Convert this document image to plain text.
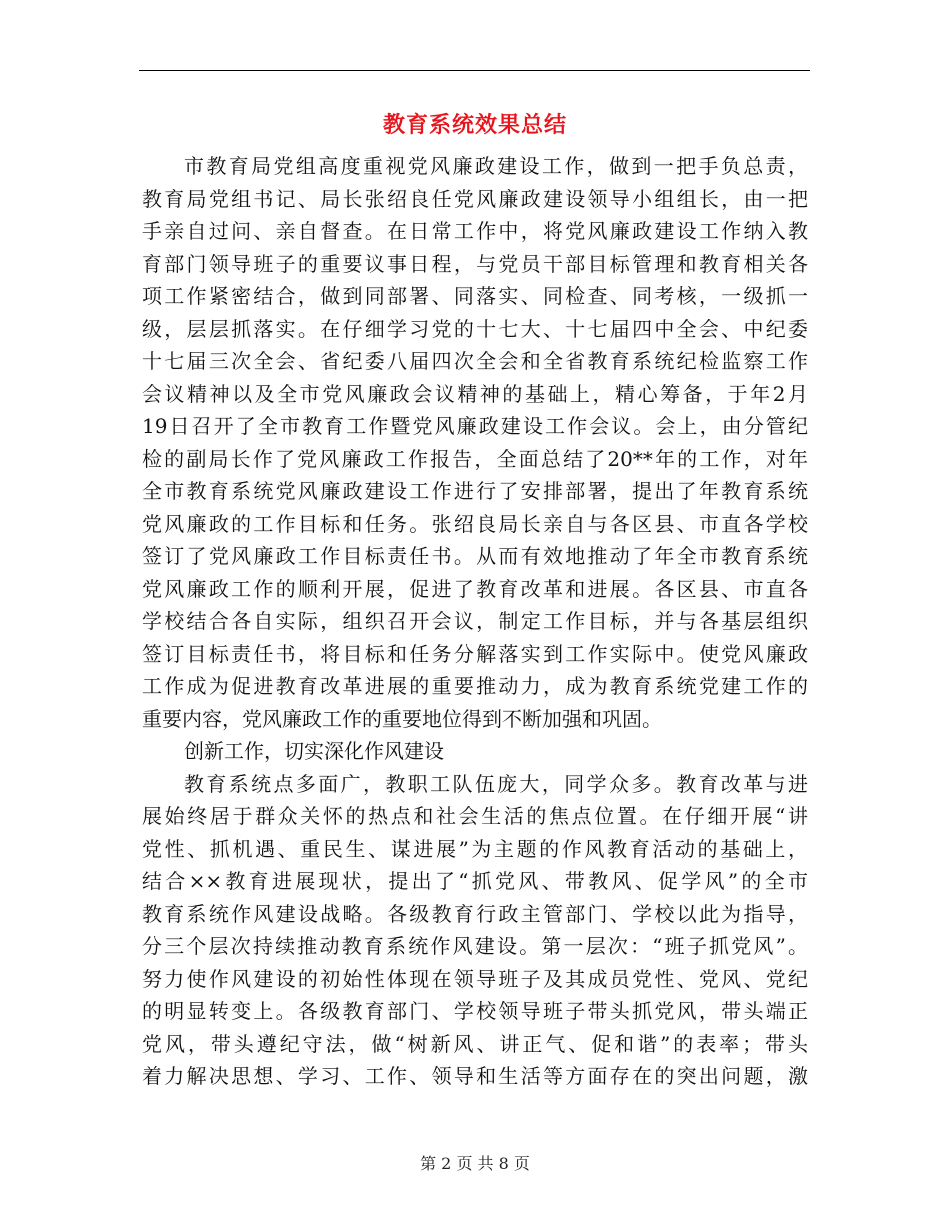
教育系统效果总结
市教育局党组高度重视党风廉政建设工作，做到一把手负总责，
教育局党组书记、局长张绍良任党风廉政建设领导小组组长，由一把
手亲自过问、亲自督查。在日常工作中，将党风廉政建设工作纳入教
育部门领导班子的重要议事日程，与党员干部目标管理和教育相关各
项工作紧密结合，做到同部署、同落实、同检查、同考核，一级抓一
级，层层抓落实。在仔细学习党的十七大、十七届四中全会、中纪委
十七届三次全会、省纪委八届四次全会和全省教育系统纪检监察工作
会议精神以及全市党风廉政会议精神的基础上，精心筹备，于年2月
19日召开了全市教育工作暨党风廉政建设工作会议。会上，由分管纪
检的副局长作了党风廉政工作报告，全面总结了20**年的工作，对年
全市教育系统党风廉政建设工作进行了安排部署，提出了年教育系统
党风廉政的工作目标和任务。张绍良局长亲自与各区县、市直各学校
签订了党风廉政工作目标责任书。从而有效地推动了年全市教育系统
党风廉政工作的顺利开展，促进了教育改革和进展。各区县、市直各
学校结合各自实际，组织召开会议，制定工作目标，并与各基层组织
签订目标责任书，将目标和任务分解落实到工作实际中。使党风廉政
工作成为促进教育改革进展的重要推动力，成为教育系统党建工作的
重要内容，党风廉政工作的重要地位得到不断加强和巩固。
创新工作，切实深化作风建设
教育系统点多面广，教职工队伍庞大，同学众多。教育改革与进
展始终居于群众关怀的热点和社会生活的焦点位置。在仔细开展“讲
党性、抓机遇、重民生、谋进展”为主题的作风教育活动的基础上，
结合××教育进展现状，提出了“抓党风、带教风、促学风”的全市
教育系统作风建设战略。各级教育行政主管部门、学校以此为指导，
分三个层次持续推动教育系统作风建设。第一层次：“班子抓党风”。
努力使作风建设的初始性体现在领导班子及其成员党性、党风、党纪
的明显转变上。各级教育部门、学校领导班子带头抓党风，带头端正
党风，带头遵纪守法，做“树新风、讲正气、促和谐”的表率；带头
着力解决思想、学习、工作、领导和生活等方面存在的突出问题，激
第 2 页 共 8 页
